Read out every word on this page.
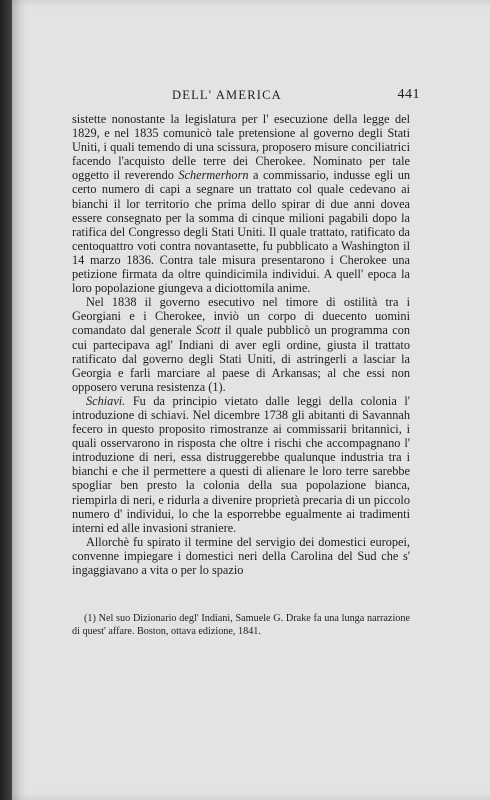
DELL' AMERICA	441

sistette nonostante la legislatura per l' esecuzione della legge del 1829, e nel 1835 comunicò tale pretensione al governo degli Stati Uniti, i quali temendo di una scissura, proposero misure conciliatrici facendo l'acquisto delle terre dei Cherokee. Nominato per tale oggetto il reverendo Schermerhorn a commissario, indusse egli un certo numero di capi a segnare un trattato col quale cedevano ai bianchi il lor territorio che prima dello spirar di due anni dovea essere consegnato per la somma di cinque milioni pagabili dopo la ratifica del Congresso degli Stati Uniti. Il quale trattato, ratificato da centoquattro voti contra novantasette, fu pubblicato a Washington il 14 marzo 1836. Contra tale misura presentarono i Cherokee una petizione firmata da oltre quindicimila individui. A quell' epoca la loro popolazione giungeva a diciottomila anime.

Nel 1838 il governo esecutivo nel timore di ostilità tra i Georgiani e i Cherokee, inviò un corpo di duecento uomini comandato dal generale Scott il quale pubblicò un programma con cui partecipava agl' Indiani di aver egli ordine, giusta il trattato ratificato dal governo degli Stati Uniti, di astringerli a lasciar la Georgia e farli marciare al paese di Arkansas; al che essi non opposero veruna resistenza (1).

Schiavi. Fu da principio vietato dalle leggi della colonia l' introduzione di schiavi. Nel dicembre 1738 gli abitanti di Savannah fecero in questo proposito rimostranze ai commissarii britannici, i quali osservarono in risposta che oltre i rischi che accompagnano l' introduzione di neri, essa distruggerebbe qualunque industria tra i bianchi e che il permettere a questi di alienare le loro terre sarebbe spogliar ben presto la colonia della sua popolazione bianca, riempirla di neri, e ridurla a divenire proprietà precaria di un piccolo numero d' individui, lo che la esporrebbe egualmente ai tradimenti interni ed alle invasioni straniere.

Allorchè fu spirato il termine del servigio dei domestici europei, convenne impiegare i domestici neri della Carolina del Sud che s' ingaggiavano a vita o per lo spazio

(1) Nel suo Dizionario degl' Indiani, Samuele G. Drake fa una lunga narrazione di quest' affare. Boston, ottava edizione, 1841.
